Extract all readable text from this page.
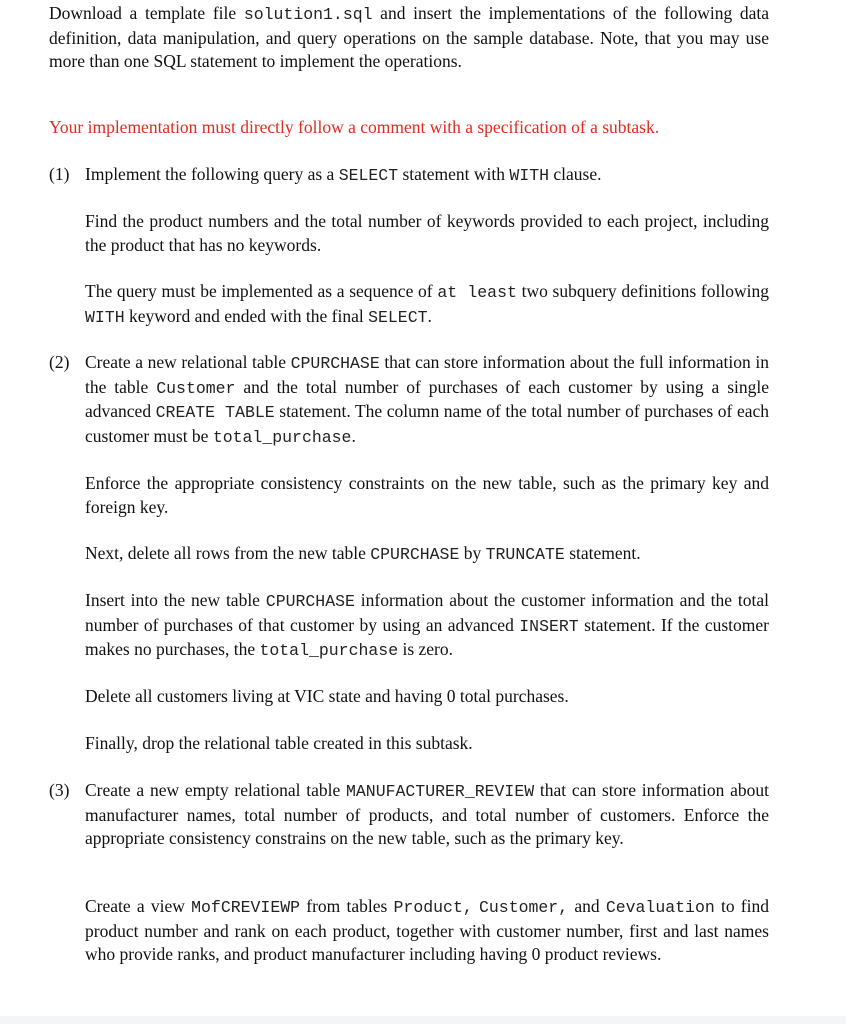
Download a template file solution1.sql and insert the implementations of the following data definition, data manipulation, and query operations on the sample database. Note, that you may use more than one SQL statement to implement the operations.

Your implementation must directly follow a comment with a specification of a subtask.

(1) Implement the following query as a SELECT statement with WITH clause.

Find the product numbers and the total number of keywords provided to each project, including the product that has no keywords.

The query must be implemented as a sequence of at least two subquery definitions following WITH keyword and ended with the final SELECT.

(2) Create a new relational table CPURCHASE that can store information about the full information in the table Customer and the total number of purchases of each customer by using a single advanced CREATE TABLE statement. The column name of the total number of purchases of each customer must be total_purchase.

Enforce the appropriate consistency constraints on the new table, such as the primary key and foreign key.

Next, delete all rows from the new table CPURCHASE by TRUNCATE statement.

Insert into the new table CPURCHASE information about the customer information and the total number of purchases of that customer by using an advanced INSERT statement. If the customer makes no purchases, the total_purchase is zero.

Delete all customers living at VIC state and having 0 total purchases.

Finally, drop the relational table created in this subtask.

(3) Create a new empty relational table MANUFACTURER_REVIEW that can store information about manufacturer names, total number of products, and total number of customers. Enforce the appropriate consistency constrains on the new table, such as the primary key.

Create a view MofCREVIEWP from tables Product, Customer, and Cevaluation to find product number and rank on each product, together with customer number, first and last names who provide ranks, and product manufacturer including having 0 product reviews.
